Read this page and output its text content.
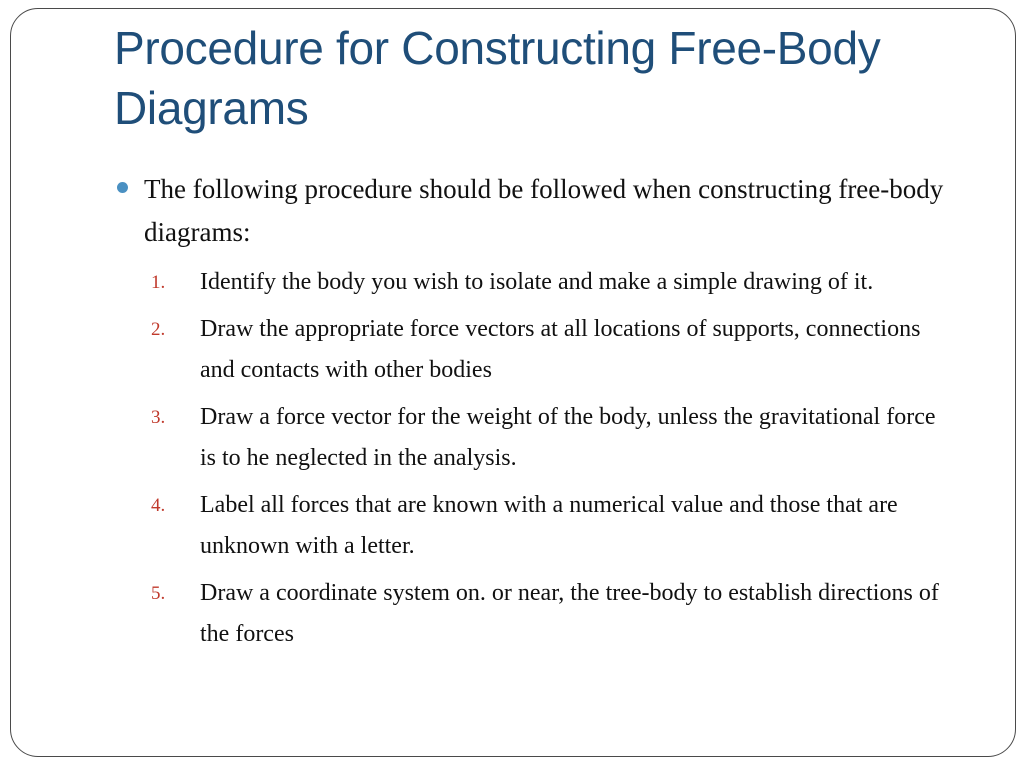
Procedure for Constructing Free-Body Diagrams
The following procedure should be followed when constructing free-body diagrams:
1. Identify the body you wish to isolate and make a simple drawing of it.
2. Draw the appropriate force vectors at all locations of supports, connections and contacts with other bodies
3. Draw a force vector for the weight of the body, unless the gravitational force is to he neglected in the analysis.
4. Label all forces that are known with a numerical value and those that are unknown with a letter.
5. Draw a coordinate system on. or near, the tree-body to establish directions of the forces
